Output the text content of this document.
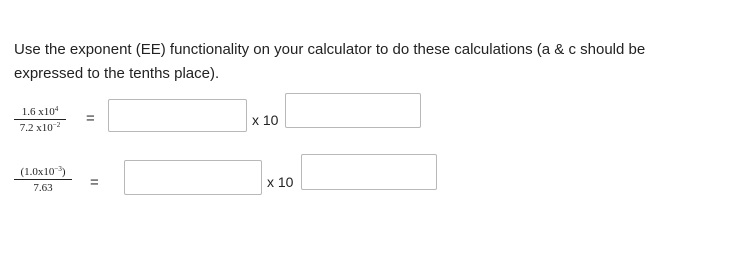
Use the exponent (EE) functionality on your calculator to do these calculations (a & c should be expressed to the tenths place).
$\frac{1.6 x10^4}{7.2 x10^{-2}}$ =	x 10
$\frac{(1.0x10^{-3})}{7.63}$ =	x 10
